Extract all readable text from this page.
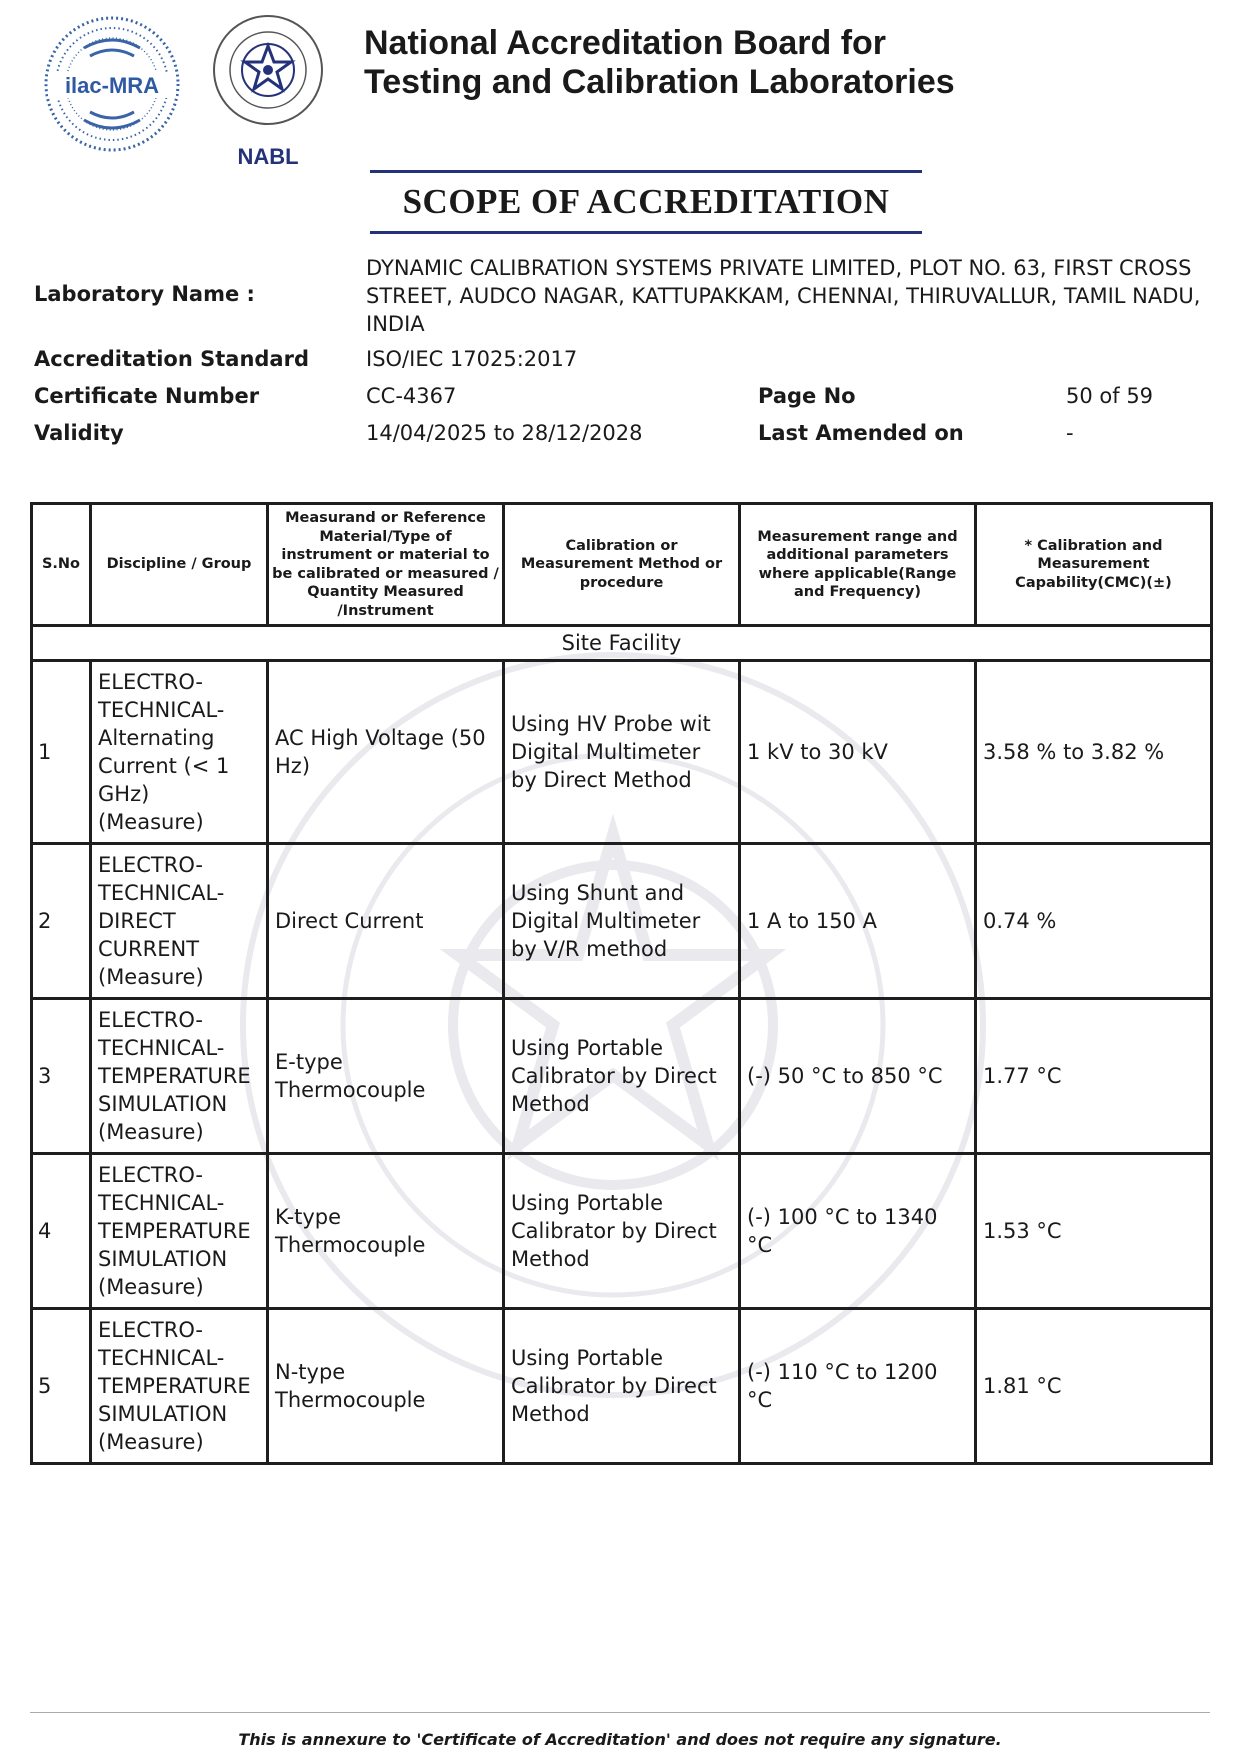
ilac-MRA
NABL
National Accreditation Board for
Testing and Calibration Laboratories
SCOPE OF ACCREDITATION
Laboratory Name :
DYNAMIC CALIBRATION SYSTEMS PRIVATE LIMITED, PLOT NO. 63, FIRST CROSS
STREET, AUDCO NAGAR, KATTUPAKKAM, CHENNAI, THIRUVALLUR, TAMIL NADU,
INDIA
Accreditation Standard	ISO/IEC 17025:2017
Certificate Number	CC-4367	Page No	50 of 59
Validity	14/04/2025 to 28/12/2028	Last Amended on	-
S.No	Discipline / Group	Measurand or Reference Material/Type of instrument or material to be calibrated or measured / Quantity Measured /Instrument	Calibration or Measurement Method or procedure	Measurement range and additional parameters where applicable(Range and Frequency)	* Calibration and Measurement Capability(CMC)(±)
Site Facility					
1	ELECTRO-TECHNICAL-Alternating Current (< 1 GHz) (Measure)	AC High Voltage (50 Hz)	Using HV Probe wit Digital Multimeter by Direct Method	1 kV to 30 kV	3.58 % to 3.82 %
2	ELECTRO-TECHNICAL-DIRECT CURRENT (Measure)	Direct Current	Using Shunt and Digital Multimeter by V/R method	1 A to 150 A	0.74 %
3	ELECTRO-TECHNICAL-TEMPERATURE SIMULATION (Measure)	E-type Thermocouple	Using Portable Calibrator by Direct Method	(-) 50 °C to 850 °C	1.77 °C
4	ELECTRO-TECHNICAL-TEMPERATURE SIMULATION (Measure)	K-type Thermocouple	Using Portable Calibrator by Direct Method	(-) 100 °C to 1340 °C	1.53 °C
5	ELECTRO-TECHNICAL-TEMPERATURE SIMULATION (Measure)	N-type Thermocouple	Using Portable Calibrator by Direct Method	(-) 110 °C to 1200 °C	1.81 °C
This is annexure to 'Certificate of Accreditation' and does not require any signature.
